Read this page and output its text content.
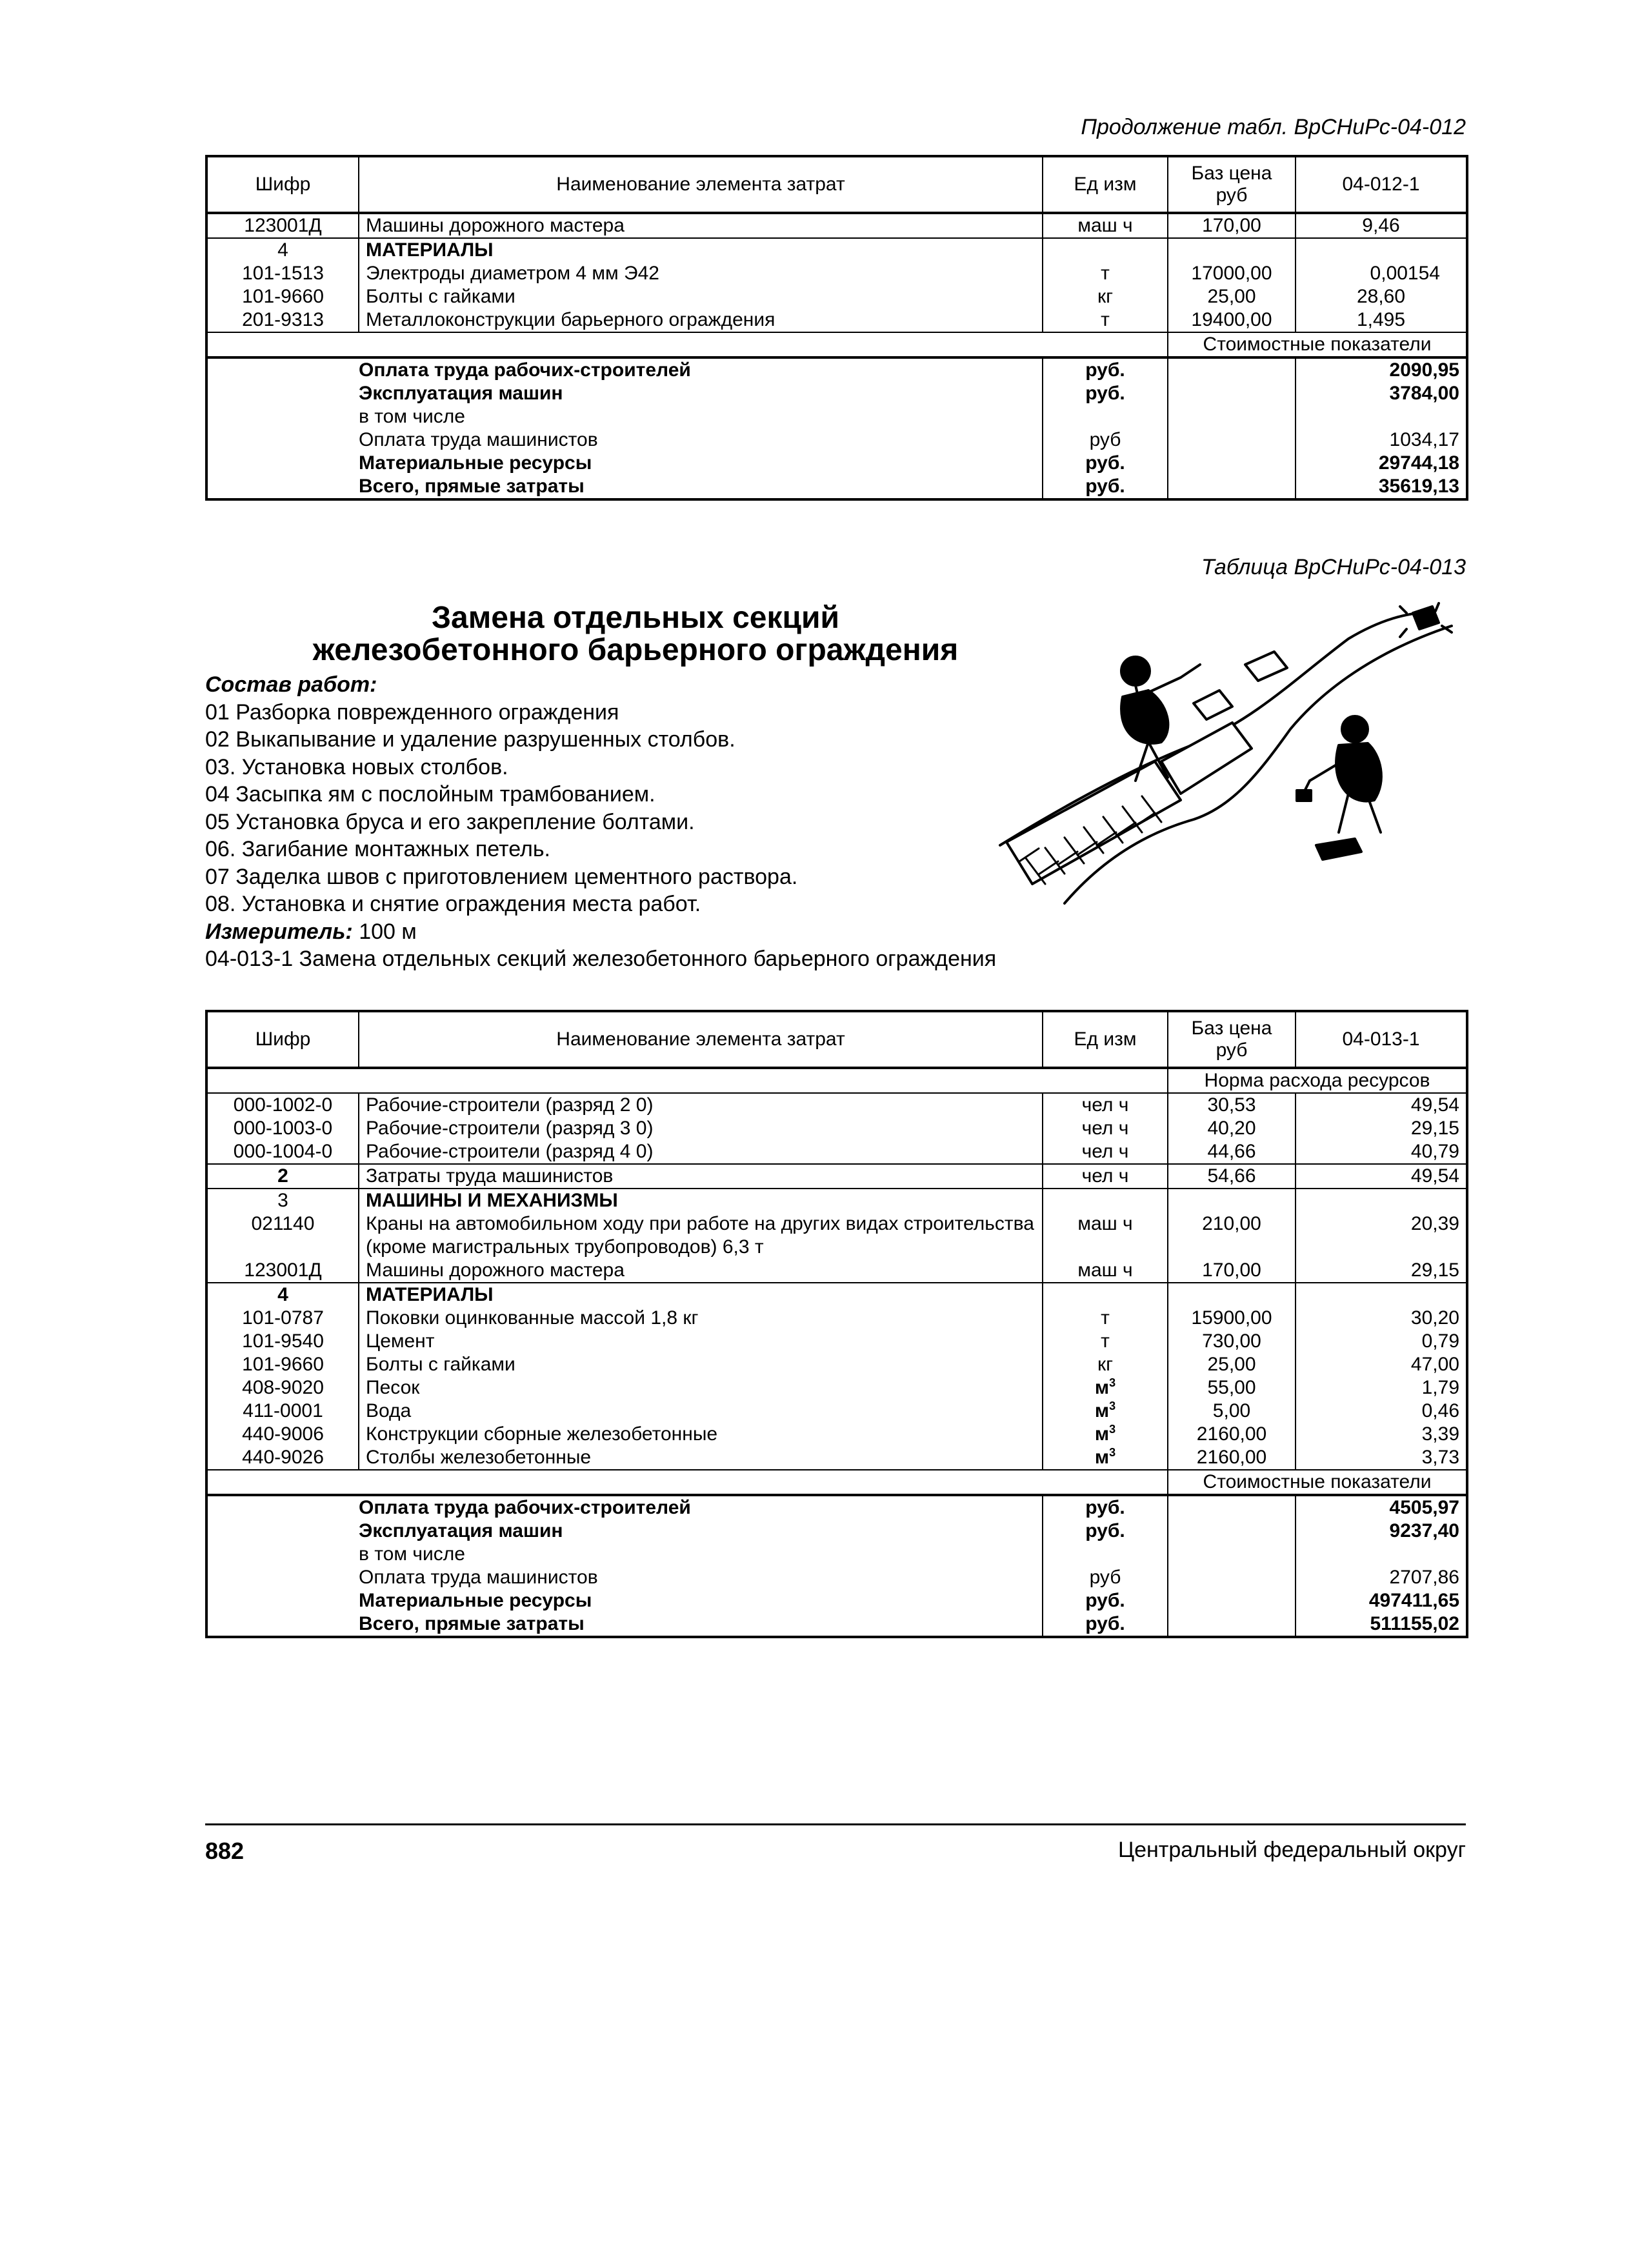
Продолжение табл. ВрСНиРс-04-012
Шифр	Наименование элемента затрат	Ед изм	Баз цена руб	04-012-1
123001Д	Машины дорожного мастера	маш ч	170,00	9,46
4	МАТЕРИАЛЫ			
101-1513	Электроды диаметром 4 мм Э42	т	17000,00	0,00154
101-9660	Болты с гайками	кг	25,00	28,60
201-9313	Металлоконструкции барьерного ограждения	т	19400,00	1,495
			Стоимостные показатели	
	Оплата труда рабочих-строителей	руб.		2090,95
	Эксплуатация машин	руб.		3784,00
	в том числе			
	Оплата труда машинистов	руб		1034,17
	Материальные ресурсы	руб.		29744,18
	Всего, прямые затраты	руб.		35619,13
Таблица ВрСНиРс-04-013
Замена отдельных секций
железобетонного барьерного ограждения
Состав работ:
01 Разборка поврежденного ограждения
02 Выкапывание и удаление разрушенных столбов.
03. Установка новых столбов.
04 Засыпка ям с послойным трамбованием.
05 Установка бруса и его закрепление болтами.
06. Загибание монтажных петель.
07 Заделка швов с приготовлением цементного раствора.
08. Установка и снятие ограждения места работ.
Измеритель: 100 м
04-013-1 Замена отдельных секций железобетонного барьерного ограждения
Шифр	Наименование элемента затрат	Ед изм	Баз цена руб	04-013-1
			Норма расхода ресурсов	
000-1002-0	Рабочие-строители (разряд 2 0)	чел ч	30,53	49,54
000-1003-0	Рабочие-строители (разряд 3 0)	чел ч	40,20	29,15
000-1004-0	Рабочие-строители (разряд 4 0)	чел ч	44,66	40,79
2	Затраты труда машинистов	чел ч	54,66	49,54
3	МАШИНЫ И МЕХАНИЗМЫ			
021140	Краны на автомобильном ходу при работе на других видах строительства (кроме магистральных трубопроводов) 6,3 т	маш ч	210,00	20,39
123001Д	Машины дорожного мастера	маш ч	170,00	29,15
4	МАТЕРИАЛЫ			
101-0787	Поковки оцинкованные массой 1,8 кг	т	15900,00	30,20
101-9540	Цемент	т	730,00	0,79
101-9660	Болты с гайками	кг	25,00	47,00
408-9020	Песок	$м^3$	55,00	1,79
411-0001	Вода	$м^3$	5,00	0,46
440-9006	Конструкции сборные железобетонные	$м^3$	2160,00	3,39
440-9026	Столбы железобетонные	$м^3$	2160,00	3,73
			Стоимостные показатели	
	Оплата труда рабочих-строителей	руб.		4505,97
	Эксплуатация машин	руб.		9237,40
	в том числе			
	Оплата труда машинистов	руб		2707,86
	Материальные ресурсы	руб.		497411,65
	Всего, прямые затраты	руб.		511155,02
882	Центральный федеральный округ
